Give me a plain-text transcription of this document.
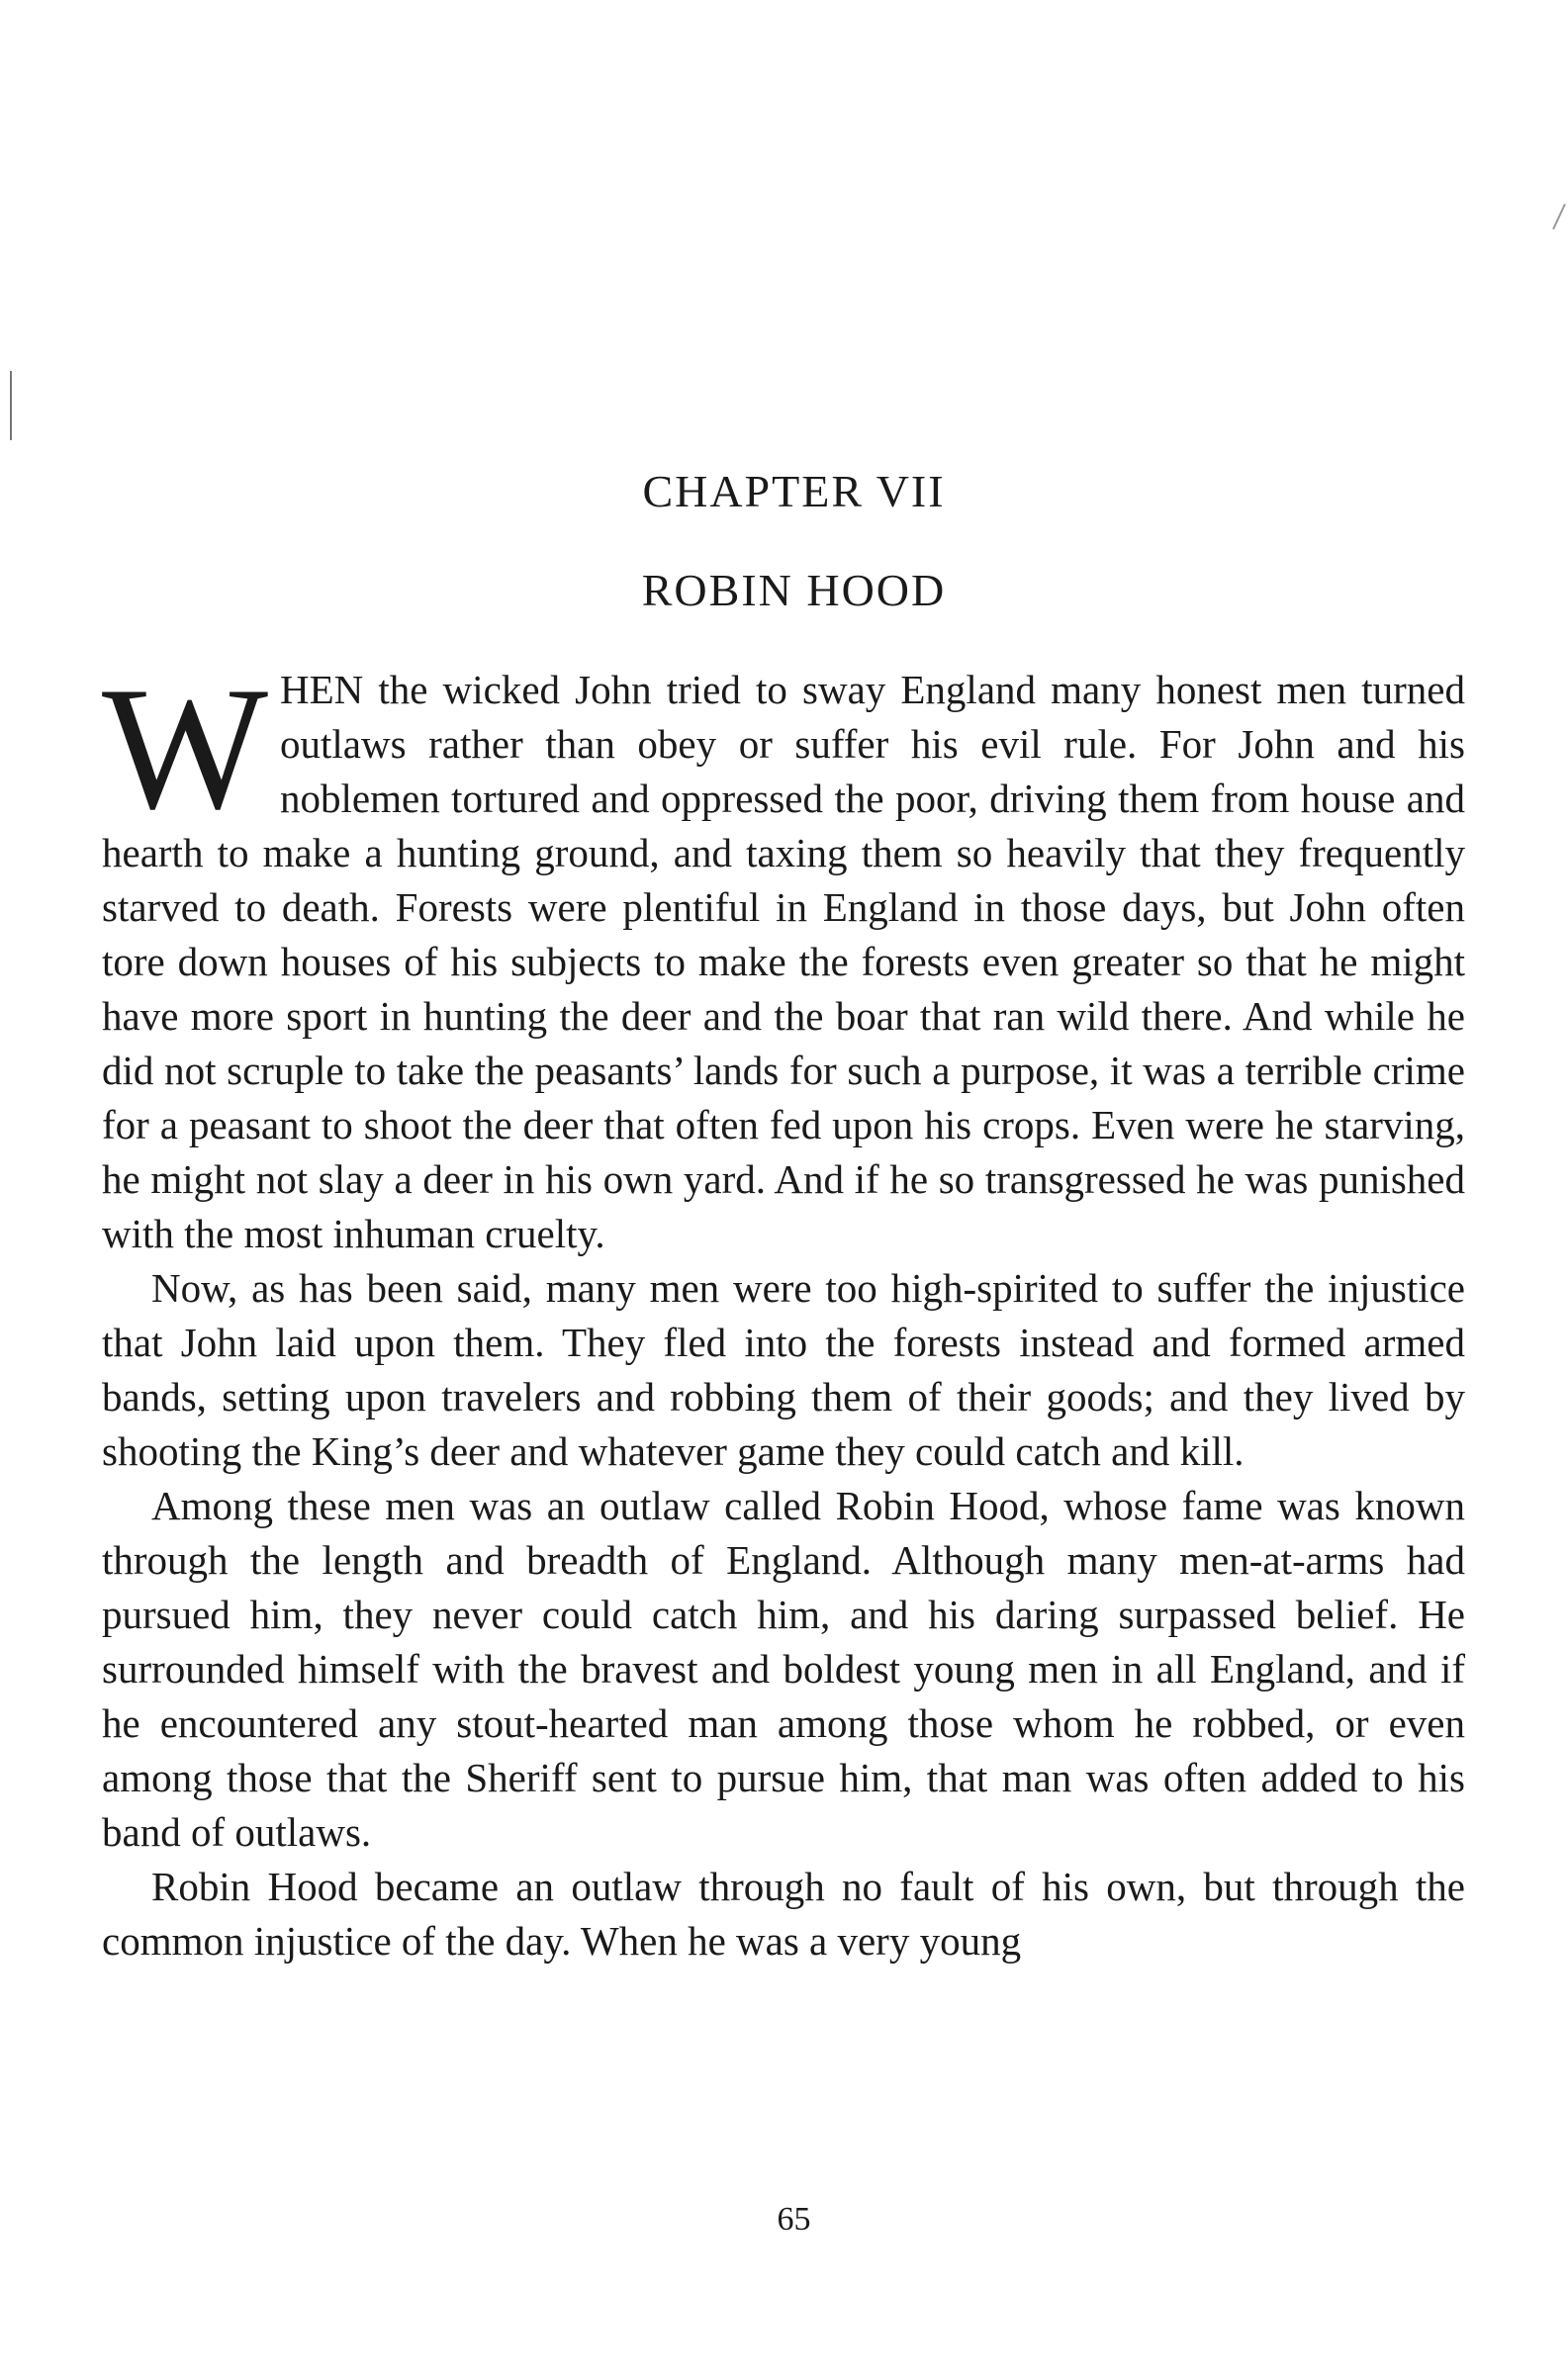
CHAPTER VII
ROBIN HOOD

WHEN the wicked John tried to sway England many honest men turned outlaws rather than obey or suffer his evil rule. For John and his noblemen tortured and oppressed the poor, driving them from house and hearth to make a hunting ground, and taxing them so heavily that they frequently starved to death. Forests were plentiful in England in those days, but John often tore down houses of his subjects to make the forests even greater so that he might have more sport in hunting the deer and the boar that ran wild there. And while he did not scruple to take the peasants’ lands for such a purpose, it was a terrible crime for a peasant to shoot the deer that often fed upon his crops. Even were he starving, he might not slay a deer in his own yard. And if he so transgressed he was punished with the most inhuman cruelty.

Now, as has been said, many men were too high-spirited to suffer the injustice that John laid upon them. They fled into the forests instead and formed armed bands, setting upon travelers and robbing them of their goods; and they lived by shooting the King’s deer and whatever game they could catch and kill.

Among these men was an outlaw called Robin Hood, whose fame was known through the length and breadth of England. Although many men-at-arms had pursued him, they never could catch him, and his daring surpassed belief. He surrounded himself with the bravest and boldest young men in all England, and if he encountered any stout-hearted man among those whom he robbed, or even among those that the Sheriff sent to pursue him, that man was often added to his band of outlaws.

Robin Hood became an outlaw through no fault of his own, but through the common injustice of the day. When he was a very young

65
